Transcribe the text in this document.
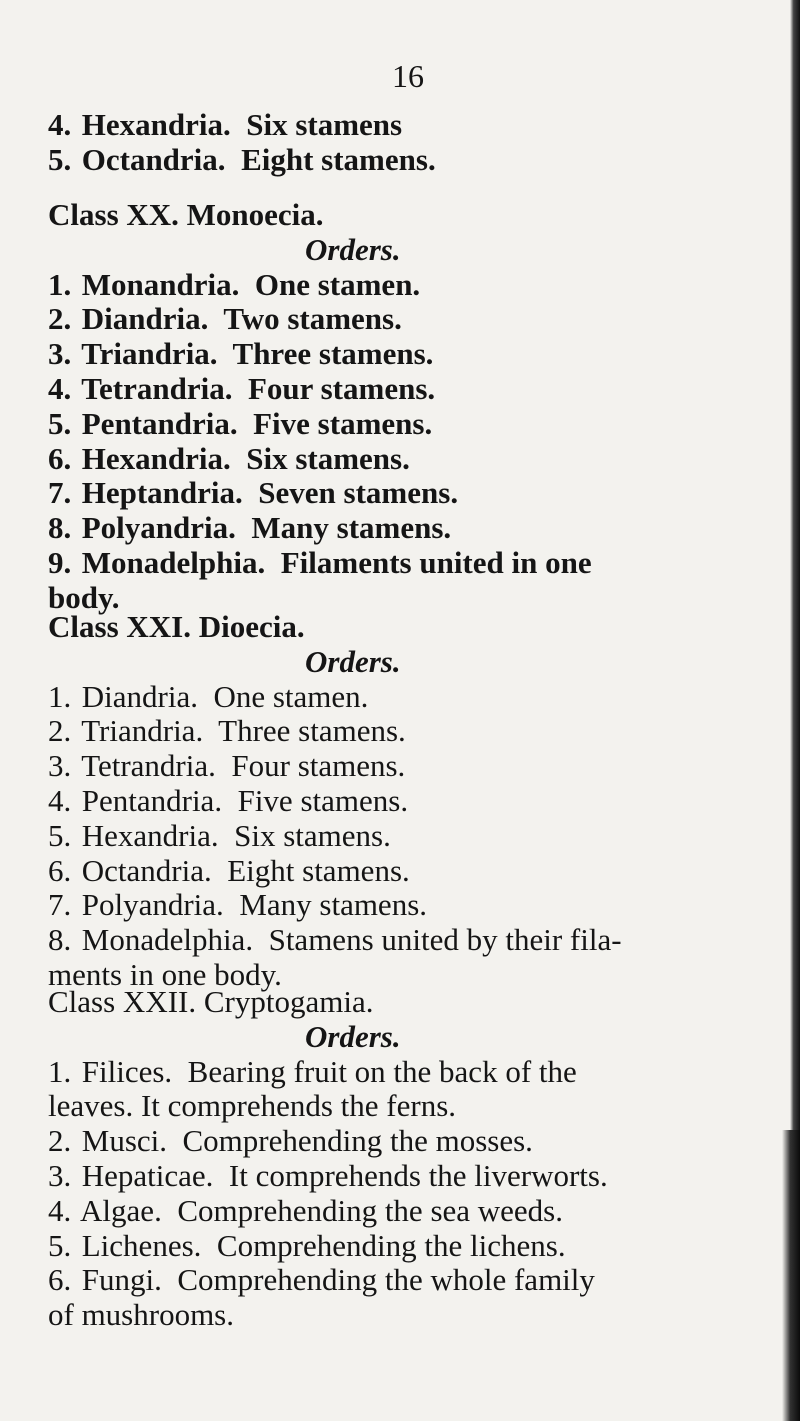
16

4. Hexandria. Six stamens

5. Octandria. Eight stamens.

Class XX. Monoecia.

Orders.

1. Monandria. One stamen.

2. Diandria. Two stamens.

3. Triandria. Three stamens.

4. Tetrandria. Four stamens.

5. Pentandria. Five stamens.

6. Hexandria. Six stamens.

7. Heptandria. Seven stamens.

8. Polyandria. Many stamens.

9. Monadelphia. Filaments united in one

body.

Class XXI. Dioecia.

Orders.

1. Diandria. One stamen.

2. Triandria. Three stamens.

3. Tetrandria. Four stamens.

4. Pentandria. Five stamens.

5. Hexandria. Six stamens.

6. Octandria. Eight stamens.

7. Polyandria. Many stamens.

8. Monadelphia. Stamens united by their fila-

ments in one body.

Class XXII. Cryptogamia.

Orders.

1. Filices. Bearing fruit on the back of the

leaves. It comprehends the ferns.

2. Musci. Comprehending the mosses.

3. Hepaticae. It comprehends the liverworts.

4. Algae. Comprehending the sea weeds.

5. Lichenes. Comprehending the lichens.

6. Fungi. Comprehending the whole family

of mushrooms.
